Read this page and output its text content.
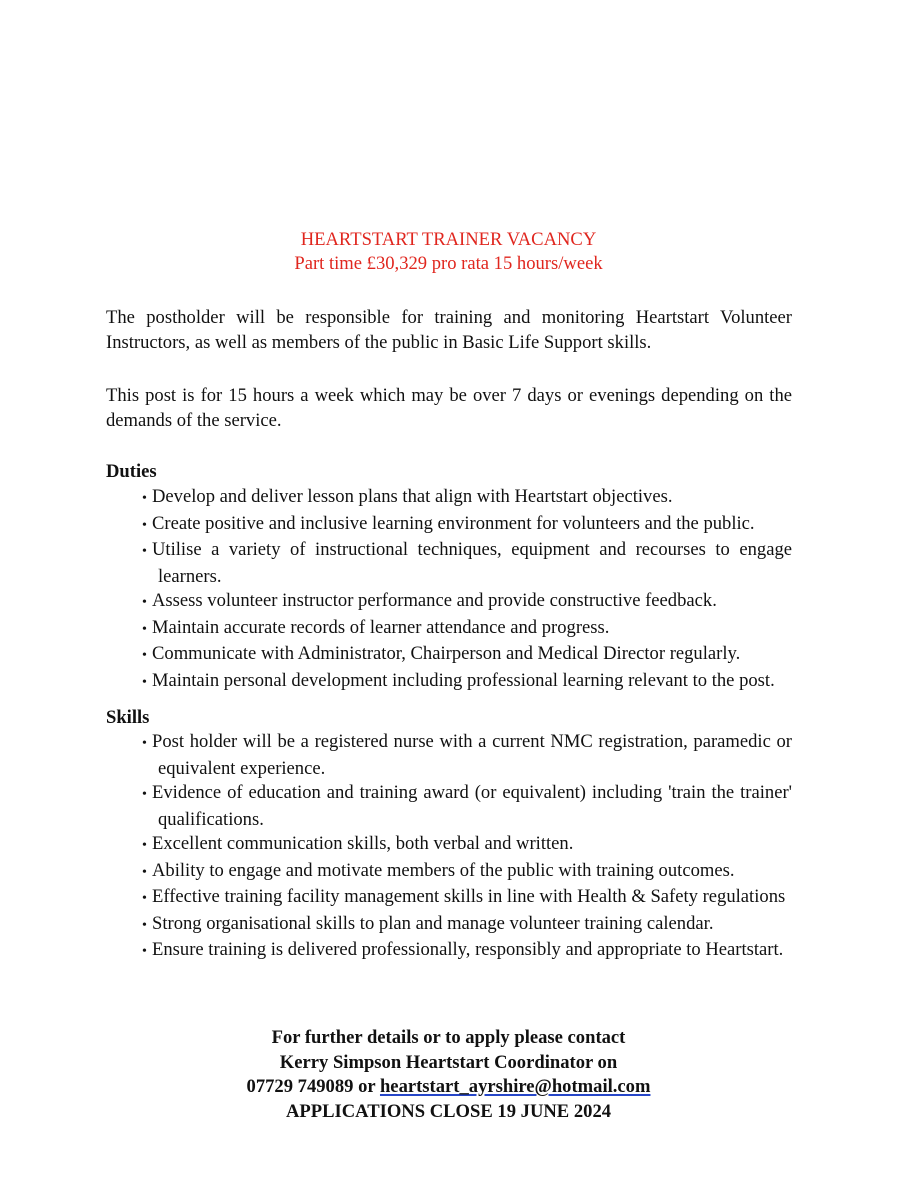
HEARTSTART TRAINER VACANCY
Part time £30,329 pro rata 15 hours/week
The postholder will be responsible for training and monitoring Heartstart Volunteer Instructors, as well as members of the public in Basic Life Support skills.
This post is for 15 hours a week which may be over 7 days or evenings depending on the demands of the service.
Duties
• Develop and deliver lesson plans that align with Heartstart objectives.
• Create positive and inclusive learning environment for volunteers and the public.
• Utilise a variety of instructional techniques, equipment and recourses to engage learners.
• Assess volunteer instructor performance and provide constructive feedback.
• Maintain accurate records of learner attendance and progress.
• Communicate with Administrator, Chairperson and Medical Director regularly.
• Maintain personal development including professional learning relevant to the post.
Skills
• Post holder will be a registered nurse with a current NMC registration, paramedic or equivalent experience.
• Evidence of education and training award (or equivalent) including 'train the trainer' qualifications.
• Excellent communication skills, both verbal and written.
• Ability to engage and motivate members of the public with training outcomes.
• Effective training facility management skills in line with Health & Safety regulations
• Strong organisational skills to plan and manage volunteer training calendar.
• Ensure training is delivered professionally, responsibly and appropriate to Heartstart.
For further details or to apply please contact
Kerry Simpson Heartstart Coordinator on
07729 749089 or heartstart_ayrshire@hotmail.com
APPLICATIONS CLOSE 19 JUNE 2024
